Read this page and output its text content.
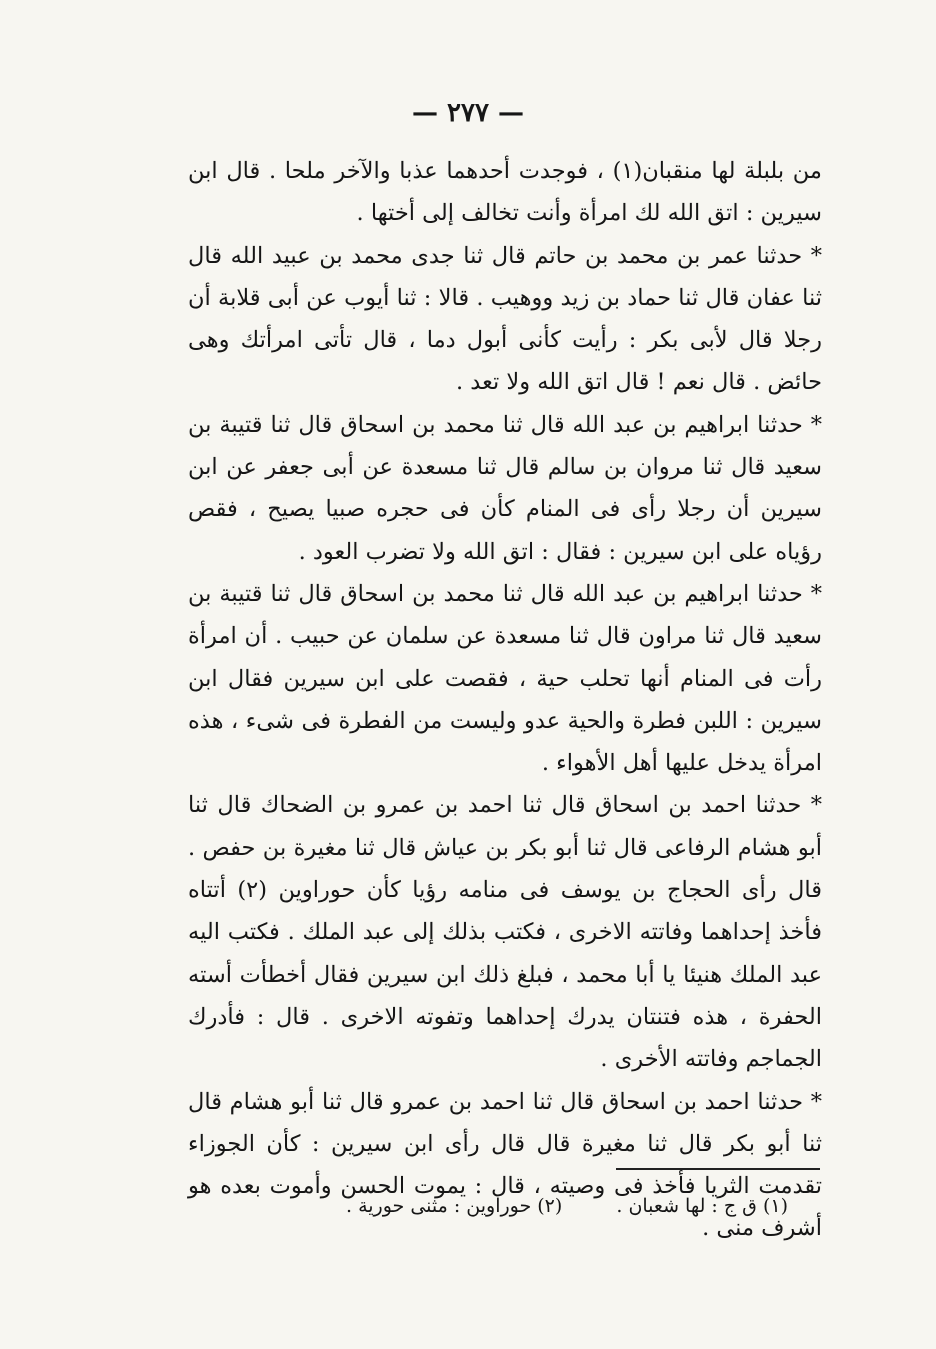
— ٢٧٧ —

من بلبلة لها منقبان(١) ، فوجدت أحدهما عذبا والآخر ملحا . قال ابن سيرين : اتق الله لك امرأة وأنت تخالف إلى أختها .

* حدثنا عمر بن محمد بن حاتم قال ثنا جدى محمد بن عبيد الله قال ثنا عفان قال ثنا حماد بن زيد ووهيب . قالا : ثنا أيوب عن أبى قلابة أن رجلا قال لأبى بكر : رأيت كأنى أبول دما ، قال تأتى امرأتك وهى حائض . قال نعم ! قال اتق الله ولا تعد .

* حدثنا ابراهيم بن عبد الله قال ثنا محمد بن اسحاق قال ثنا قتيبة بن سعيد قال ثنا مروان بن سالم قال ثنا مسعدة عن أبى جعفر عن ابن سيرين أن رجلا رأى فى المنام كأن فى حجره صبيا يصيح ، فقص رؤياه على ابن سيرين : فقال : اتق الله ولا تضرب العود .

* حدثنا ابراهيم بن عبد الله قال ثنا محمد بن اسحاق قال ثنا قتيبة بن سعيد قال ثنا مراون قال ثنا مسعدة عن سلمان عن حبيب . أن امرأة رأت فى المنام أنها تحلب حية ، فقصت على ابن سيرين فقال ابن سيرين : اللبن فطرة والحية عدو وليست من الفطرة فى شىء ، هذه امرأة يدخل عليها أهل الأهواء .

* حدثنا احمد بن اسحاق قال ثنا احمد بن عمرو بن الضحاك قال ثنا أبو هشام الرفاعى قال ثنا أبو بكر بن عياش قال ثنا مغيرة بن حفص . قال رأى الحجاج بن يوسف فى منامه رؤيا كأن حوراوين (٢) أتتاه فأخذ إحداهما وفاتته الاخرى ، فكتب بذلك إلى عبد الملك . فكتب اليه عبد الملك هنيئا يا أبا محمد ، فبلغ ذلك ابن سيرين فقال أخطأت أسته الحفرة ، هذه فتنتان يدرك إحداهما وتفوته الاخرى . قال : فأدرك الجماجم وفاتته الأخرى .

* حدثنا احمد بن اسحاق قال ثنا احمد بن عمرو قال ثنا أبو هشام قال ثنا أبو بكر قال ثنا مغيرة قال قال رأى ابن سيرين : كأن الجوزاء تقدمت الثريا فأخذ فى وصيته ، قال : يموت الحسن وأموت بعده هو أشرف منى .

(١) ق ج : لها شعبان . (٢) حوراوين : مثنى حورية .
